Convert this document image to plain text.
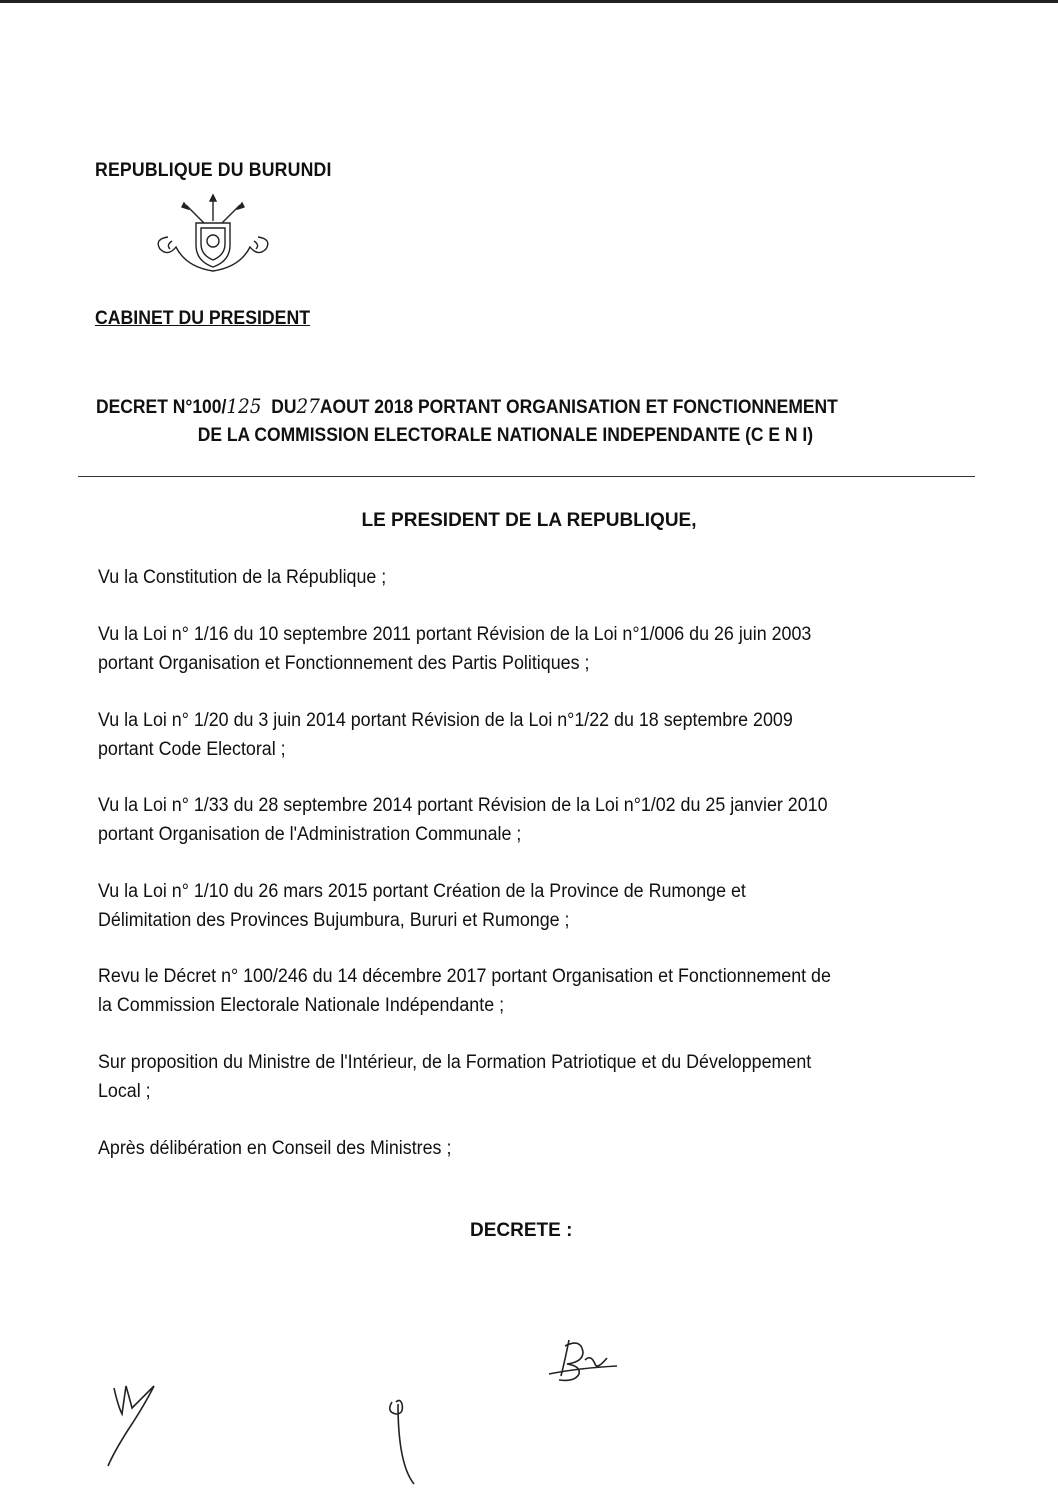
REPUBLIQUE DU BURUNDI
CABINET DU PRESIDENT
DECRET N°100/125 DU27AOUT 2018 PORTANT ORGANISATION ET FONCTIONNEMENT
DE LA COMMISSION ELECTORALE NATIONALE INDEPENDANTE (C E N I)
LE PRESIDENT DE LA REPUBLIQUE,
Vu la Constitution de la République ;
Vu la Loi n° 1/16 du 10 septembre 2011 portant Révision de la Loi n°1/006 du 26 juin 2003
portant Organisation et Fonctionnement des Partis Politiques ;
Vu la Loi n° 1/20 du 3 juin 2014 portant Révision de la Loi n°1/22 du 18 septembre 2009
portant Code Electoral ;
Vu la Loi n° 1/33 du 28 septembre 2014 portant Révision de la Loi n°1/02 du 25 janvier 2010
portant Organisation de l'Administration Communale ;
Vu la Loi n° 1/10 du 26 mars 2015 portant Création de la Province de Rumonge et
Délimitation des Provinces Bujumbura, Bururi et Rumonge ;
Revu le Décret n° 100/246 du 14 décembre 2017 portant Organisation et Fonctionnement de
la Commission Electorale Nationale Indépendante ;
Sur proposition du Ministre de l'Intérieur, de la Formation Patriotique et du Développement
Local ;
Après délibération en Conseil des Ministres ;
DECRETE :
